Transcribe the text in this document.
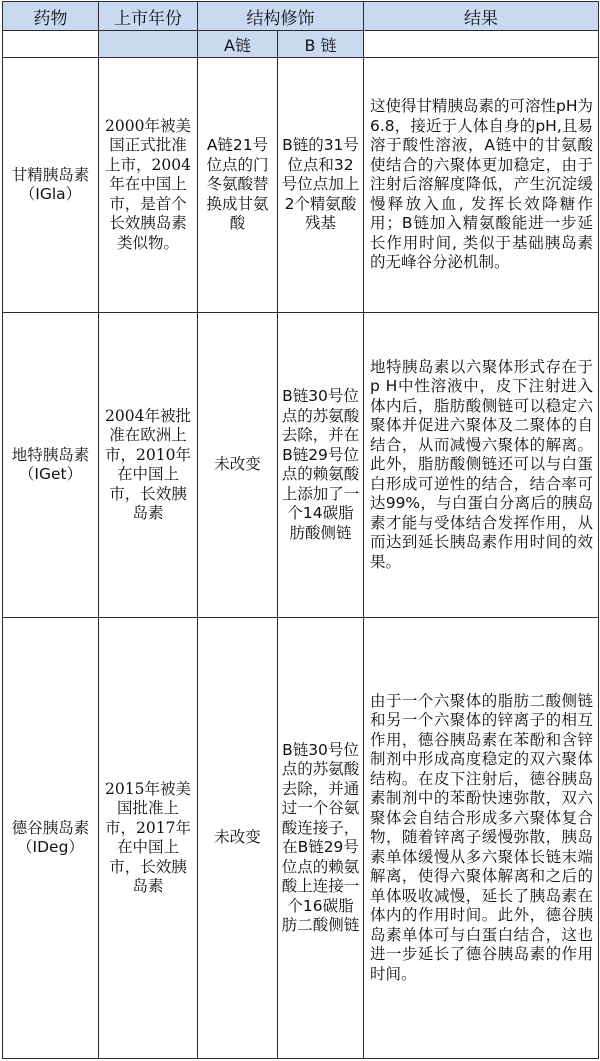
药物	上市年份	结构修饰		结果
		A链	B 链	
甘精胰岛素（IGla）	2000年被美国正式批准上市，2004年在中国上市，是首个长效胰岛素类似物。	A链21号位点的门冬氨酸替换成甘氨酸	B链的31号位点和32号位点加上2个精氨酸残基	这使得甘精胰岛素的可溶性pH为6.8，接近于人体自身的pH,且易溶于酸性溶液，A链中的甘氨酸使结合的六聚体更加稳定，由于注射后溶解度降低，产生沉淀缓慢释放入血, 发挥长效降糖作用；B链加入精氨酸能进一步延长作用时间, 类似于基础胰岛素的无峰谷分泌机制。
地特胰岛素（IGet）	2004年被批准在欧洲上市，2010年在中国上市，长效胰岛素	未改变	B链30号位点的苏氨酸去除，并在B链29号位点的赖氨酸上添加了一个14碳脂肪酸侧链	地特胰岛素以六聚体形式存在于p H中性溶液中，皮下注射进入体内后，脂肪酸侧链可以稳定六聚体并促进六聚体及二聚体的自结合，从而减慢六聚体的解离。此外，脂肪酸侧链还可以与白蛋白形成可逆性的结合，结合率可达99%，与白蛋白分离后的胰岛素才能与受体结合发挥作用，从而达到延长胰岛素作用时间的效果。
德谷胰岛素（IDeg）	2015年被美国批准上市，2017年在中国上市，长效胰岛素	未改变	B链30号位点的苏氨酸去除，并通过一个谷氨酸连接子，在B链29号位点的赖氨酸上连接一个16碳脂肪二酸侧链	由于一个六聚体的脂肪二酸侧链和另一个六聚体的锌离子的相互作用，德谷胰岛素在苯酚和含锌制剂中形成高度稳定的双六聚体结构。在皮下注射后，德谷胰岛素制剂中的苯酚快速弥散，双六聚体会自结合形成多六聚体复合物，随着锌离子缓慢弥散，胰岛素单体缓慢从多六聚体长链末端解离，使得六聚体解离和之后的单体吸收减慢，延长了胰岛素在体内的作用时间。此外，德谷胰岛素单体可与白蛋白结合，这也进一步延长了德谷胰岛素的作用时间。
